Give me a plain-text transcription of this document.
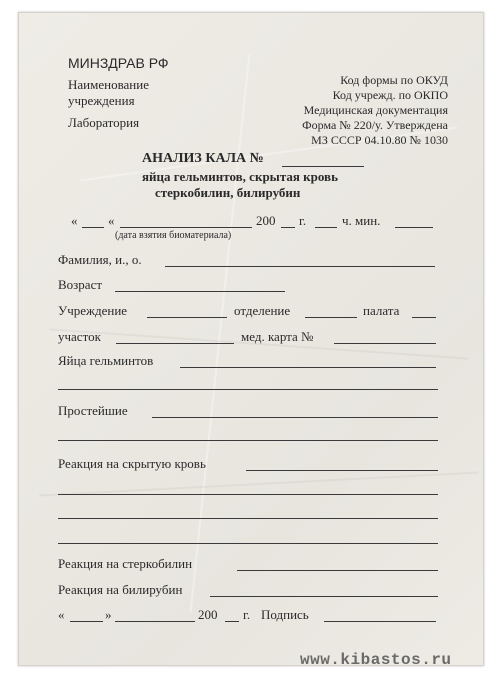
МИНЗДРАВ РФ
Наименование
учреждения
Лаборатория
Код формы по ОКУД
Код учрежд. по ОКПО
Медицинская документация
Форма № 220/у. Утверждена
МЗ СССР 04.10.80 № 1030
АНАЛИЗ КАЛА №
яйца гельминтов, скрытая кровь
стеркобилин, билирубин
« «	200 г.	ч. мин.
(дата взятия биоматериала)
Фамилия, и., о.
Возраст
Учреждение	отделение	палата
участок	мед. карта №
Яйца гельминтов
Простейшие
Реакция на скрытую кровь
Реакция на стеркобилин
Реакция на билирубин
«	»	200 г. Подпись
www.kibastos.ru
